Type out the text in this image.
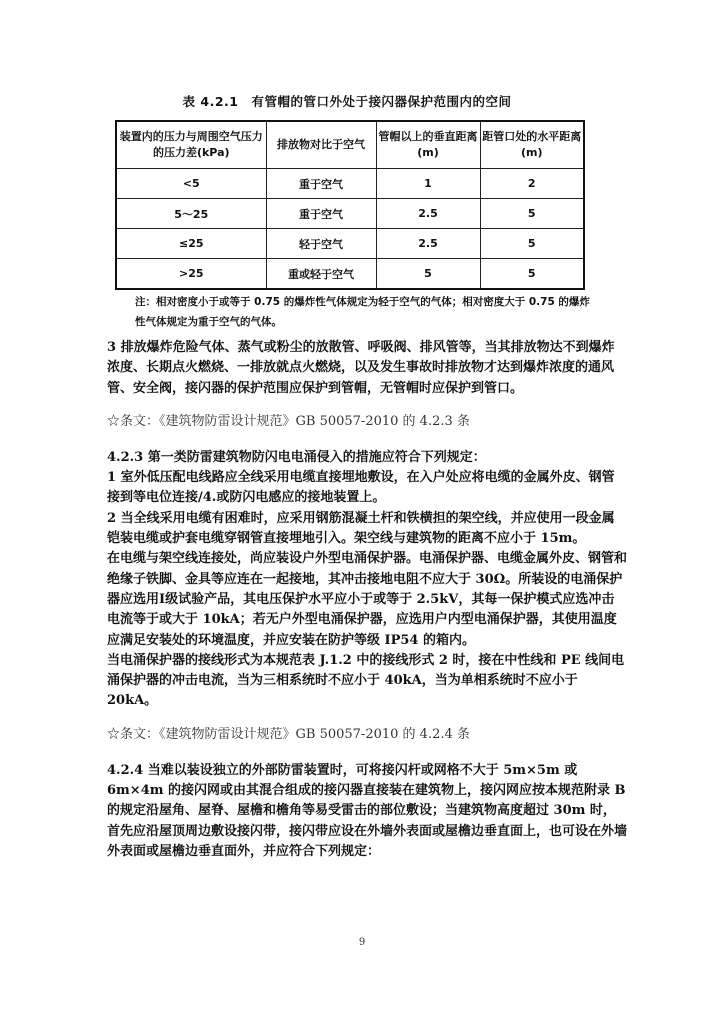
表 4.2.1　有管帽的管口外处于接闪器保护范围内的空间
装置内的压力与周围空气压力的压力差(kPa)	排放物对比于空气	管帽以上的垂直距离(m)	距管口处的水平距离(m)
<5	重于空气	1	2
5～25	重于空气	2.5	5
≤25	轻于空气	2.5	5
>25	重或轻于空气	5	5
注：相对密度小于或等于 0.75 的爆炸性气体规定为轻于空气的气体；相对密度大于 0.75 的爆炸性气体规定为重于空气的气体。

3 排放爆炸危险气体、蒸气或粉尘的放散管、呼吸阀、排风管等，当其排放物达不到爆炸浓度、长期点火燃烧、一排放就点火燃烧，以及发生事故时排放物才达到爆炸浓度的通风管、安全阀，接闪器的保护范围应保护到管帽，无管帽时应保护到管口。

☆条文：《建筑物防雷设计规范》GB 50057-2010 的 4.2.3 条

4.2.3 第一类防雷建筑物防闪电电涌侵入的措施应符合下列规定：

1 室外低压配电线路应全线采用电缆直接埋地敷设，在入户处应将电缆的金属外皮、钢管接到等电位连接/4.或防闪电感应的接地装置上。

2 当全线采用电缆有困难时，应采用钢筋混凝土杆和铁横担的架空线，并应使用一段金属铠装电缆或护套电缆穿钢管直接埋地引入。架空线与建筑物的距离不应小于 15m。

在电缆与架空线连接处，尚应装设户外型电涌保护器。电涌保护器、电缆金属外皮、钢管和绝缘子铁脚、金具等应连在一起接地，其冲击接地电阻不应大于 30Ω。所装设的电涌保护器应选用Ⅰ级试验产品，其电压保护水平应小于或等于 2.5kV，其每一保护模式应选冲击电流等于或大于 10kA；若无户外型电涌保护器，应选用户内型电涌保护器，其使用温度应满足安装处的环境温度，并应安装在防护等级 IP54 的箱内。

当电涌保护器的接线形式为本规范表 J.1.2 中的接线形式 2 时，接在中性线和 PE 线间电涌保护器的冲击电流，当为三相系统时不应小于 40kA，当为单相系统时不应小于 20kA。

☆条文：《建筑物防雷设计规范》GB 50057-2010 的 4.2.4 条

4.2.4 当难以装设独立的外部防雷装置时，可将接闪杆或网格不大于 5m×5m 或 6m×4m 的接闪网或由其混合组成的接闪器直接装在建筑物上，接闪网应按本规范附录 B 的规定沿屋角、屋脊、屋檐和檐角等易受雷击的部位敷设；当建筑物高度超过 30m 时，首先应沿屋顶周边敷设接闪带，接闪带应设在外墙外表面或屋檐边垂直面上，也可设在外墙外表面或屋檐边垂直面外，并应符合下列规定：

9
